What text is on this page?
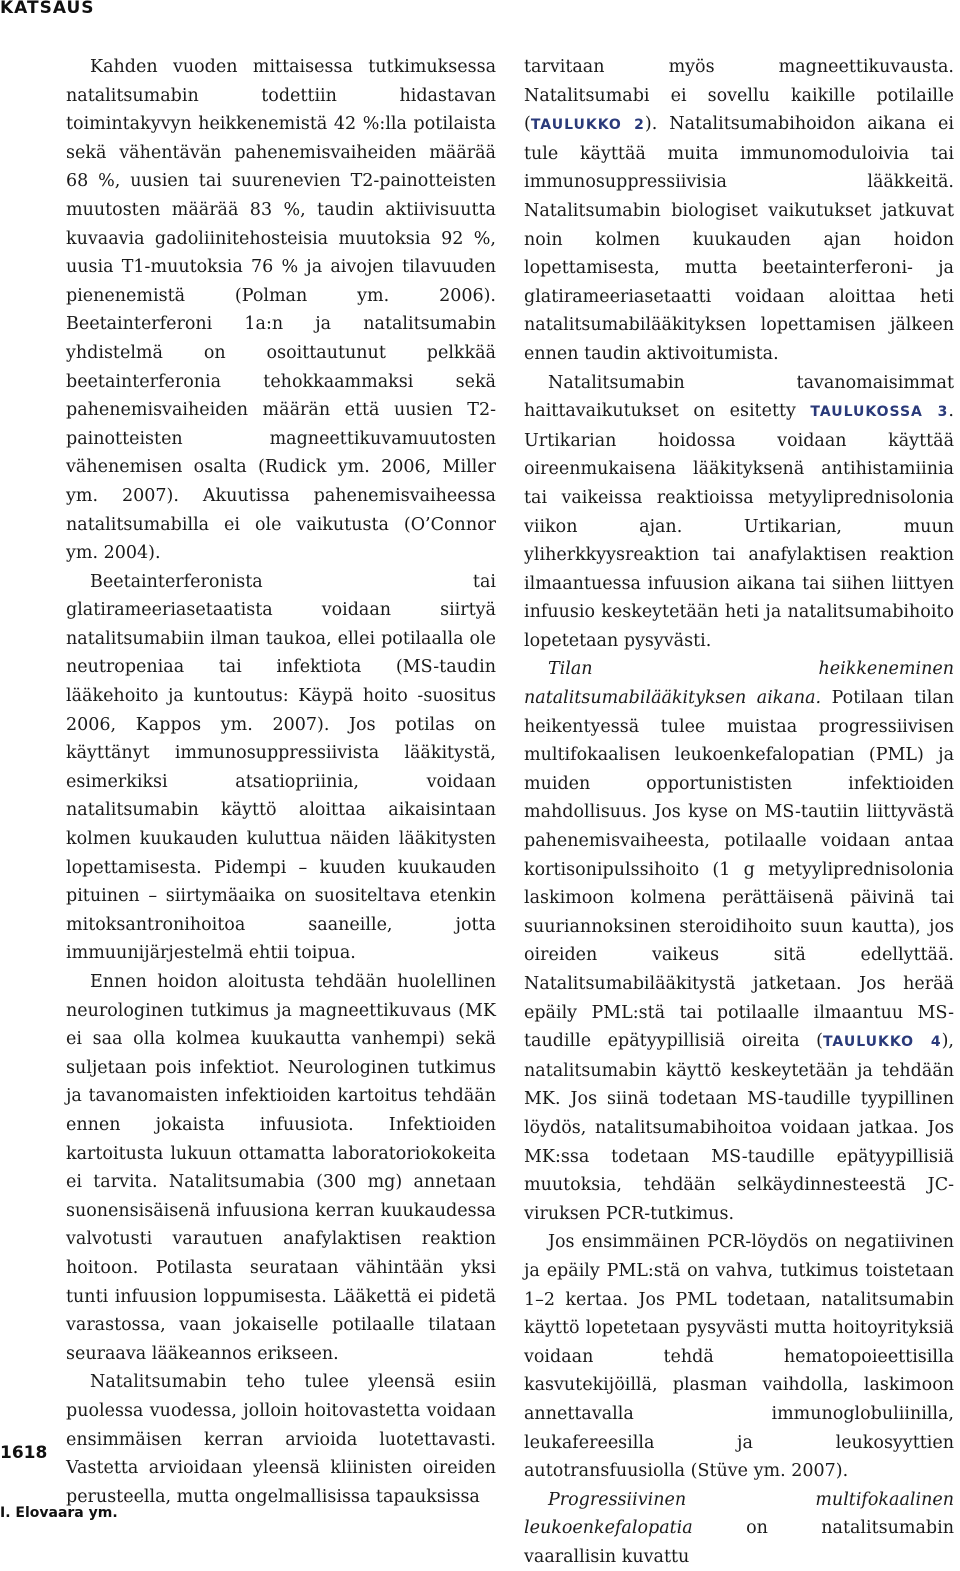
KATSAUS

Kahden vuoden mittaisessa tutkimuksessa natalitsumabin todettiin hidastavan toimintakyvyn heikkenemistä 42 %:lla potilaista sekä vähentävän pahenemisvaiheiden määrää 68 %, uusien tai suurenevien T2-painotteisten muutosten määrää 83 %, taudin aktiivisuutta kuvaavia gadoliinitehosteisia muutoksia 92 %, uusia T1-muutoksia 76 % ja aivojen tilavuuden pienenemistä (Polman ym. 2006). Beetainterferoni 1a:n ja natalitsumabin yhdistelmä on osoittautunut pelkkää beetainterferonia tehokkaammaksi sekä pahenemisvaiheiden määrän että uusien T2-painotteisten magneettikuvamuutosten vähenemisen osalta (Rudick ym. 2006, Miller ym. 2007). Akuutissa pahenemisvaiheessa natalitsumabilla ei ole vaikutusta (O’Connor ym. 2004).

Beetainterferonista tai glatirameeriasetaatista voidaan siirtyä natalitsumabiin ilman taukoa, ellei potilaalla ole neutropeniaa tai infektiota (MS-taudin lääkehoito ja kuntoutus: Käypä hoito -suositus 2006, Kappos ym. 2007). Jos potilas on käyttänyt immunosuppressiivista lääkitystä, esimerkiksi atsatiopriinia, voidaan natalitsumabin käyttö aloittaa aikaisintaan kolmen kuukauden kuluttua näiden lääkitysten lopettamisesta. Pidempi – kuuden kuukauden pituinen – siirtymäaika on suositeltava etenkin mitoksantronihoitoa saaneille, jotta immuunijärjestelmä ehtii toipua.

Ennen hoidon aloitusta tehdään huolellinen neurologinen tutkimus ja magneettikuvaus (MK ei saa olla kolmea kuukautta vanhempi) sekä suljetaan pois infektiot. Neurologinen tutkimus ja tavanomaisten infektioiden kartoitus tehdään ennen jokaista infuusiota. Infektioiden kartoitusta lukuun ottamatta laboratoriokokeita ei tarvita. Natalitsumabia (300 mg) annetaan suonensisäisenä infuusiona kerran kuukaudessa valvotusti varautuen anafylaktisen reaktion hoitoon. Potilasta seurataan vähintään yksi tunti infuusion loppumisesta. Lääkettä ei pidetä varastossa, vaan jokaiselle potilaalle tilataan seuraava lääkeannos erikseen.

Natalitsumabin teho tulee yleensä esiin puolessa vuodessa, jolloin hoitovastetta voidaan ensimmäisen kerran arvioida luotettavasti. Vastetta arvioidaan yleensä kliinisten oireiden perusteella, mutta ongelmallisissa tapauksissa

tarvitaan myös magneettikuvausta. Natalitsumabi ei sovellu kaikille potilaille (TAULUKKO 2). Natalitsumabihoidon aikana ei tule käyttää muita immunomoduloivia tai immunosuppressiivisia lääkkeitä. Natalitsumabin biologiset vaikutukset jatkuvat noin kolmen kuukauden ajan hoidon lopettamisesta, mutta beetainterferoni- ja glatirameeriasetaatti voidaan aloittaa heti natalitsumabilääkityksen lopettamisen jälkeen ennen taudin aktivoitumista.

Natalitsumabin tavanomaisimmat haittavaikutukset on esitetty TAULUKOSSA 3. Urtikarian hoidossa voidaan käyttää oireenmukaisena lääkityksenä antihistamiinia tai vaikeissa reaktioissa metyyliprednisolonia viikon ajan. Urtikarian, muun yliherkkyysreaktion tai anafylaktisen reaktion ilmaantuessa infuusion aikana tai siihen liittyen infuusio keskeytetään heti ja natalitsumabihoito lopetetaan pysyvästi.

Tilan heikkeneminen natalitsumabilääkityksen aikana. Potilaan tilan heikentyessä tulee muistaa progressiivisen multifokaalisen leukoenkefalopatian (PML) ja muiden opportunististen infektioiden mahdollisuus. Jos kyse on MS-tautiin liittyvästä pahenemisvaiheesta, potilaalle voidaan antaa kortisonipulssihoito (1 g metyyliprednisolonia laskimoon kolmena perättäisenä päivinä tai suuriannoksinen steroidihoito suun kautta), jos oireiden vaikeus sitä edellyttää. Natalitsumabilääkitystä jatketaan. Jos herää epäily PML:stä tai potilaalle ilmaantuu MS-taudille epätyypillisiä oireita (TAULUKKO 4), natalitsumabin käyttö keskeytetään ja tehdään MK. Jos siinä todetaan MS-taudille tyypillinen löydös, natalitsumabihoitoa voidaan jatkaa. Jos MK:ssa todetaan MS-taudille epätyypillisiä muutoksia, tehdään selkäydinnesteestä JC-viruksen PCR-tutkimus.

Jos ensimmäinen PCR-löydös on negatiivinen ja epäily PML:stä on vahva, tutkimus toistetaan 1–2 kertaa. Jos PML todetaan, natalitsumabin käyttö lopetetaan pysyvästi mutta hoitoyrityksiä voidaan tehdä hematopoieettisilla kasvutekijöillä, plasman vaihdolla, laskimoon annettavalla immunoglobuliinilla, leukafereesilla ja leukosyyttien autotransfuusiolla (Stüve ym. 2007).

Progressiivinen multifokaalinen leukoenkefalopatia on natalitsumabin vaarallisin kuvattu

1618
I. Elovaara ym.
